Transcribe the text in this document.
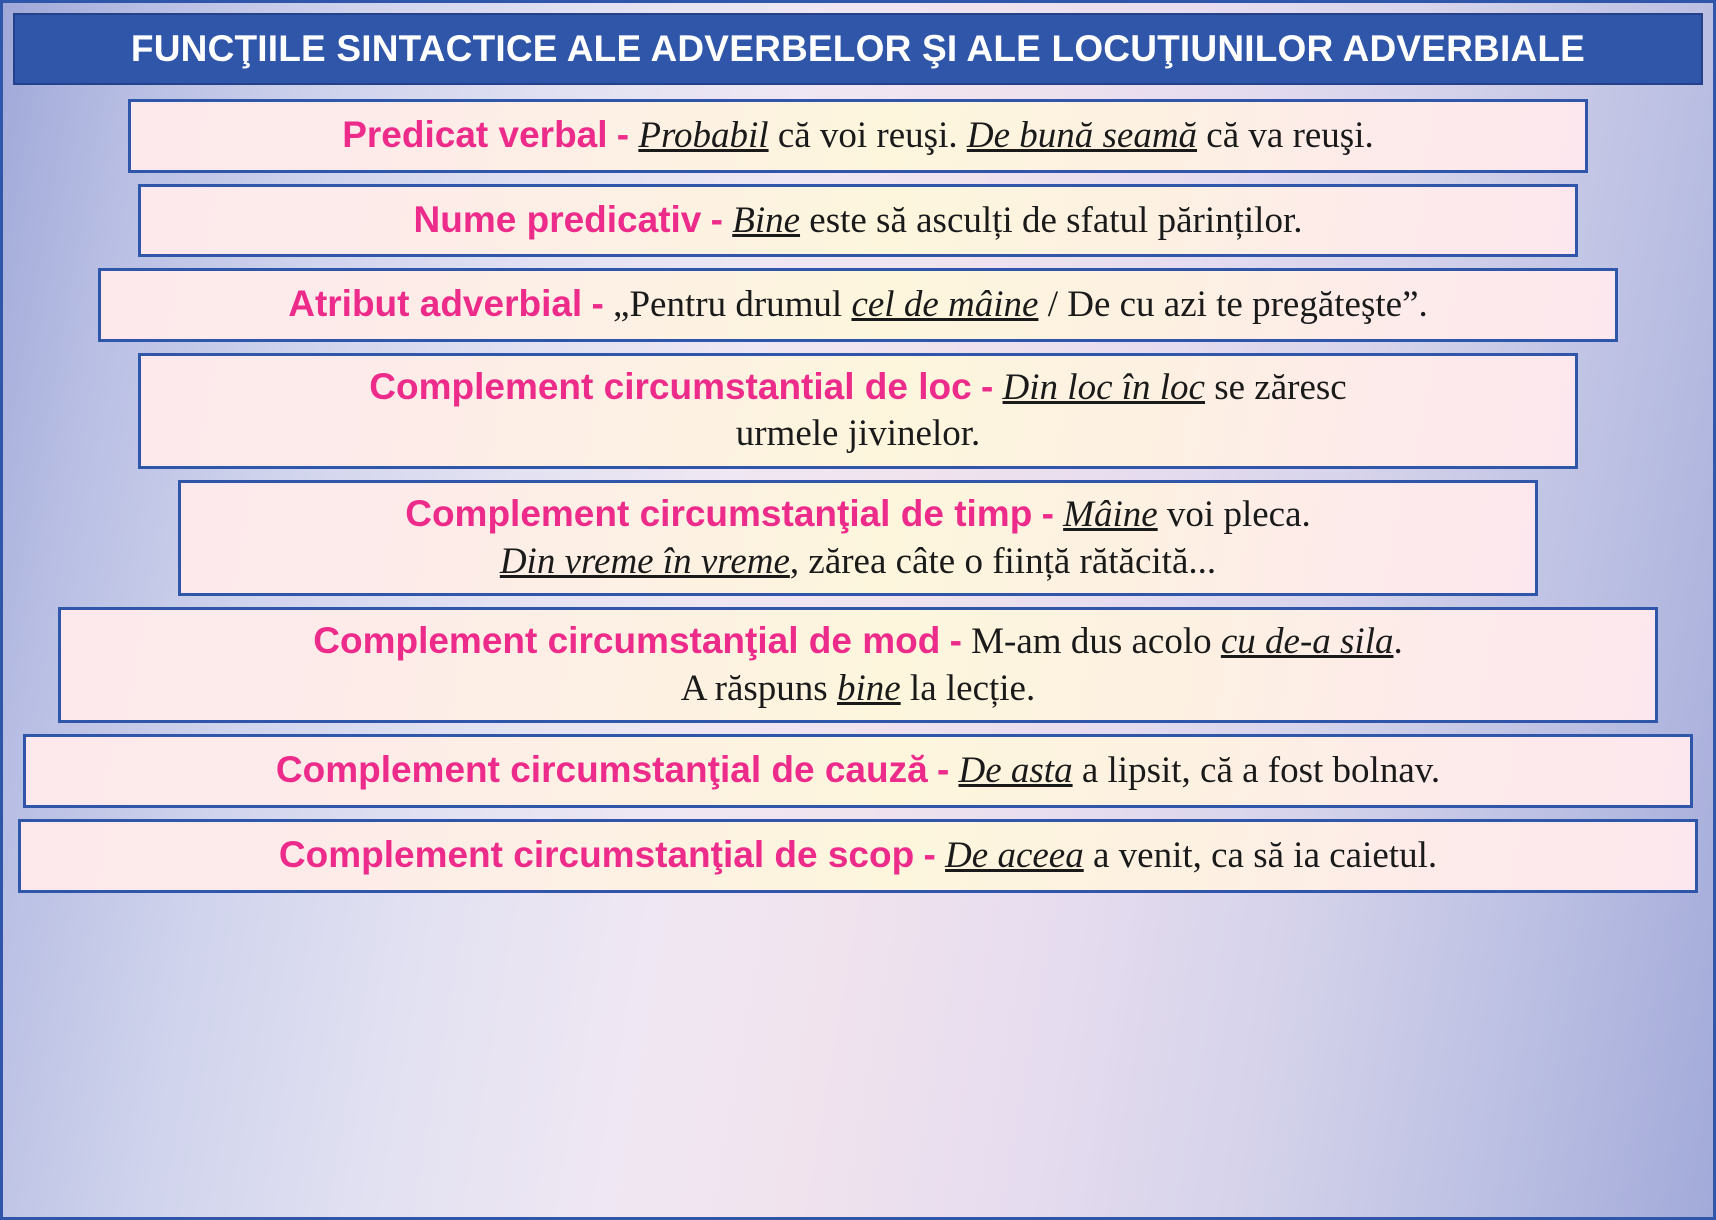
FUNCŢIILE SINTACTICE ALE ADVERBELOR ŞI ALE LOCUŢIUNILOR ADVERBIALE
Predicat verbal - Probabil că voi reuşi. De bună seamă că va reuşi.
Nume predicativ - Bine este să asculți de sfatul părinților.
Atribut adverbial - „Pentru drumul cel de mâine / De cu azi te pregăteşte”.
Complement circumstantial de loc - Din loc în loc se zăresc
urmele jivinelor.
Complement circumstanţial de timp - Mâine voi pleca.
Din vreme în vreme, zărea câte o ființă rătăcită...
Complement circumstanţial de mod - M-am dus acolo cu de-a sila.
A răspuns bine la lecție.
Complement circumstanţial de cauză - De asta a lipsit, că a fost bolnav.
Complement circumstanţial de scop - De aceea a venit, ca să ia caietul.
